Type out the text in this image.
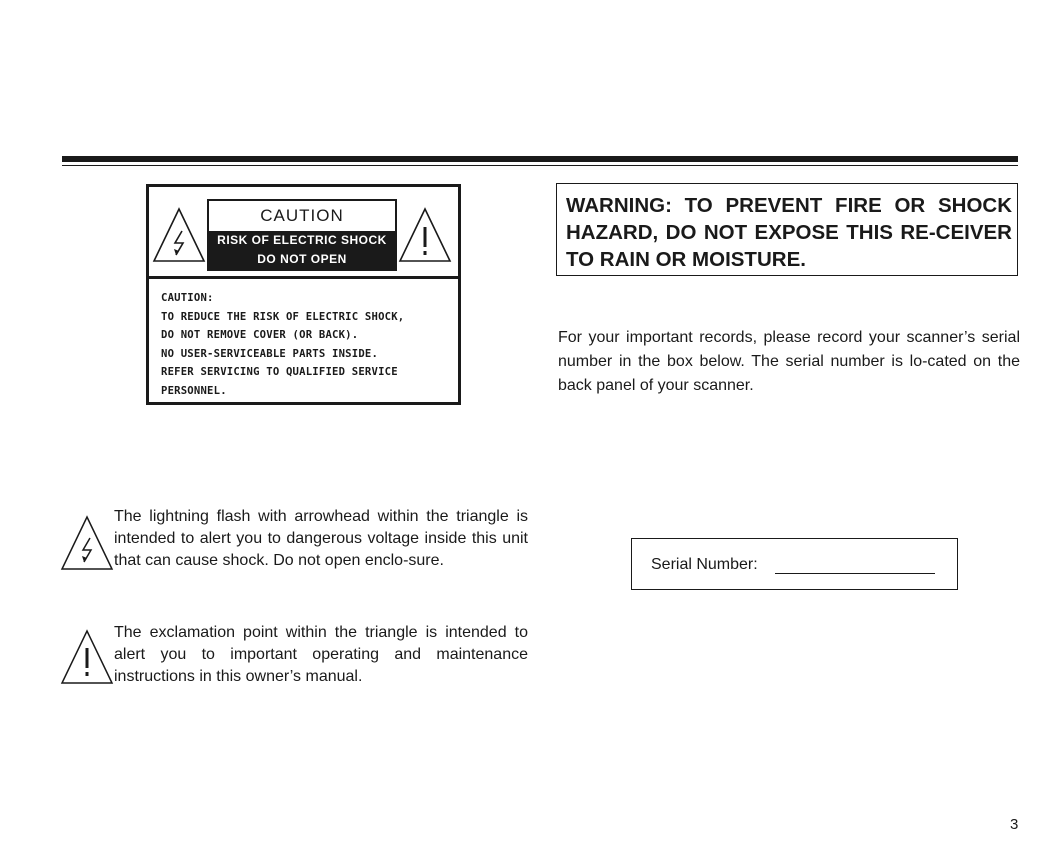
CAUTION
RISK OF ELECTRIC SHOCK
DO NOT OPEN
CAUTION:
TO REDUCE THE RISK OF ELECTRIC SHOCK,
DO NOT REMOVE COVER (OR BACK).
NO USER-SERVICEABLE PARTS INSIDE.
REFER SERVICING TO QUALIFIED SERVICE
PERSONNEL.
WARNING: TO PREVENT FIRE OR SHOCK HAZARD, DO NOT EXPOSE THIS RE-CEIVER TO RAIN OR MOISTURE.
For your important records, please record your scanner’s serial number in the box below. The serial number is lo-cated on the back panel of your scanner.
The lightning flash with arrowhead within the triangle is intended to alert you to dangerous voltage inside this unit that can cause shock. Do not open enclo-sure.
The exclamation point within the triangle is intended to alert you to important operating and maintenance instructions in this owner’s manual.
Serial Number:
3
